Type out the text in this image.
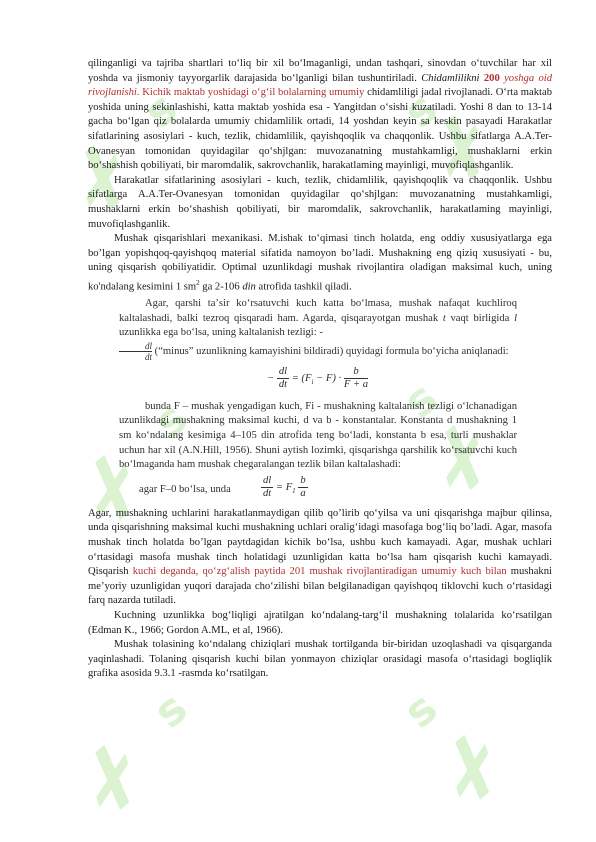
s
s
s
s
s	s

qilinganligi va tajriba shartlari toʻliq bir xil boʻlmaganligi, undan tashqari, sinovdan oʻtuvchilar har xil yoshda va jismoniy tayyorgarlik darajasida boʻlganligi bilan tushuntiriladi. Chidamlilikni 200 yoshga oid rivojlanishi. Kichik maktab yoshidagi oʻgʻil bolalarning umumiy chidamliligi jadal rivojlanadi. Oʻrta maktab yoshida uning sekinlashishi, katta maktab yoshida esa - Yangitdan oʻsishi kuzatiladi. Yoshi 8 dan to 13-14 gacha boʻlgan qiz bolalarda umumiy chidamlilik ortadi, 14 yoshdan keyin sa keskin pasayadi Harakatlar sifatlarining asosiylari - kuch, tezlik, chidamlilik, qayishqoqlik va chaqqonlik. Ushbu sifatlarga A.A.Ter-Ovanesyan tomonidan quyidagilar qoʻshjlgan: muvozanatning mustahkamligi, mushaklarni erkin boʻshashish qobiliyati, bir maromdalik, sakrovchanlik, harakatlaming mayinligi, muvofiqlashganlik.

Harakatlar sifatlarining asosiylari - kuch, tezlik, chidamlilik, qayishqoqlik va chaqqonlik. Ushbu sifatlarga A.A.Ter-Ovanesyan tomonidan quyidagilar qoʻshjlgan: muvozanatning mustahkamligi, mushaklarni erkin boʻshashish qobiliyati, bir maromdalik, sakrovchanlik, harakatlaming mayinligi, muvofiqlashganlik.

Mushak qisqarishlari mexanikasi. M.ishak toʻqimasi tinch holatda, eng oddiy xususiyatlarga ega boʼlgan yopishqoq-qayishqoq material sifatida namoyon boʼladi. Mushakning eng qiziq xususiyati - bu, uning qisqarish qobiliyatidir. Optimal uzunlikdagi mushak rivojlantira oladigan maksimal kuch, uning ko'ndalang kesimini 1 $sm^2$ ga 2-106 din atrofida tashkil qiladi.

Agar, qarshi taʼsir koʻrsatuvchi kuch katta boʻlmasa, mushak nafaqat kuchliroq kaltalashadi, balki tezroq qisqaradi ham. Agarda, qisqarayotgan mushak t vaqt birligida l uzunlikka ega boʻlsa, uning kaltalanish tezligi: -

$\frac{dl}{dt}$ (“minus” uzunlikning kamayishini bildiradi) quyidagi formula boʻyicha aniqlanadi:

− $\frac{dl}{dt} = (F_i - F) \cdot \frac{b}{F + a}$

bunda F – mushak yengadigan kuch, Fi - mushakning kaltalanish tezligi oʻlchanadigan uzunlikdagi mushakning maksimal kuchi, d va b - konstantalar. Konstanta d mushakning 1 sm koʻndalang kesimiga 4–105 din atrofida teng boʻladi, konstanta b esa, turli mushaklar uchun har xil (A.N.Hill, 1956). Shuni aytish lozimki, qisqarishga qarshilik koʻrsatuvchi kuch boʻlmaganda ham mushak chegaralangan tezlik bilan kaltalashadi:

agar F–0 boʻlsa, unda	$\frac{dl}{dt} = F_1 \frac{b}{a}$

Agar, mushakning uchlarini harakatlanmaydigan qilib qoʼlirib qoʻyilsa va uni qisqarishga majbur qilinsa, unda qisqarishning maksimal kuchi mushakning uchlari oralig‘idagi masofaga bog‘liq boʼladi. Agar, masofa mushak tinch holatda boʼlgan paytdagidan kichik boʻlsa, ushbu kuch kamayadi. Agar, mushak uchlari oʻrtasidagi masofa mushak tinch holatidagi uzunligidan katta boʻlsa ham qisqarish kuchi kamayadi. Qisqarish kuchi deganda, qoʻzgʻalish paytida 201 mushak rivojlantiradigan umumiy kuch bilan mushakni meʼyoriy uzunligidan yuqori darajada choʻzilishi bilan belgilanadigan qayishqoq tiklovchi kuch oʻrtasidagi farq nazarda tutiladi.

Kuchning uzunlikka bog‘liqligi ajratilgan koʻndalang-targʻil mushakning tolalarida koʻrsatilgan (Edman K., 1966; Gordon A.ML, et al, 1966).

Mushak tolasining koʻndalang chiziqlari mushak tortilganda bir-biridan uzoqlashadi va qisqarganda yaqinlashadi. Tolaning qisqarish kuchi bilan yonmayon chiziqlar orasidagi masofa oʻrtasidagi bogliqlik grafika asosida 9.3.1 -rasmda koʻrsatilgan.
